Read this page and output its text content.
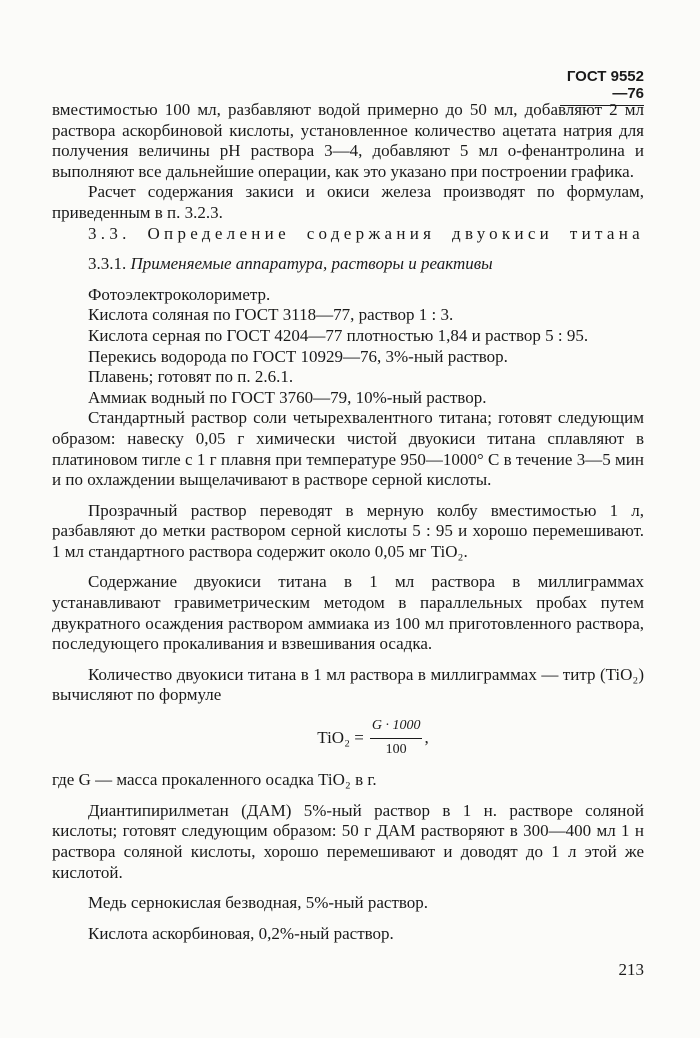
ГОСТ 9552—76

вместимостью 100 мл, разбавляют водой примерно до 50 мл, добавляют 2 мл раствора аскорбиновой кислоты, установленное количество ацетата натрия для получения величины рН раствора 3—4, добавляют 5 мл о-фенантролина и выполняют все дальнейшие операции, как это указано при построении графика.

Расчет содержания закиси и окиси железа производят по формулам, приведенным в п. 3.2.3.

3.3. Определение содержания двуокиси титана

3.3.1. Применяемые аппаратура, растворы и реактивы

Фотоэлектроколориметр.

Кислота соляная по ГОСТ 3118—77, раствор 1 : 3.

Кислота серная по ГОСТ 4204—77 плотностью 1,84 и раствор 5 : 95.

Перекись водорода по ГОСТ 10929—76, 3%-ный раствор.

Плавень; готовят по п. 2.6.1.

Аммиак водный по ГОСТ 3760—79, 10%-ный раствор.

Стандартный раствор соли четырехвалентного титана; готовят следующим образом: навеску 0,05 г химически чистой двуокиси титана сплавляют в платиновом тигле с 1 г плавня при температуре 950—1000° С в течение 3—5 мин и по охлаждении выщелачивают в растворе серной кислоты.

Прозрачный раствор переводят в мерную колбу вместимостью 1 л, разбавляют до метки раствором серной кислоты 5 : 95 и хорошо перемешивают. 1 мл стандартного раствора содержит около 0,05 мг TiO₂.

Содержание двуокиси титана в 1 мл раствора в миллиграммах устанавливают гравиметрическим методом в параллельных пробах путем двукратного осаждения раствором аммиака из 100 мл приготовленного раствора, последующего прокаливания и взвешивания осадка.

Количество двуокиси титана в 1 мл раствора в миллиграммах — титр (TiO₂) вычисляют по формуле

$TiO_2 = \frac{G \cdot 1000}{100}$ ,

где G — масса прокаленного осадка TiO₂ в г.

Диантипирилметан (ДАМ) 5%-ный раствор в 1 н. растворе соляной кислоты; готовят следующим образом: 50 г ДАМ растворяют в 300—400 мл 1 н раствора соляной кислоты, хорошо перемешивают и доводят до 1 л этой же кислотой.

Медь сернокислая безводная, 5%-ный раствор.

Кислота аскорбиновая, 0,2%-ный раствор.

213
